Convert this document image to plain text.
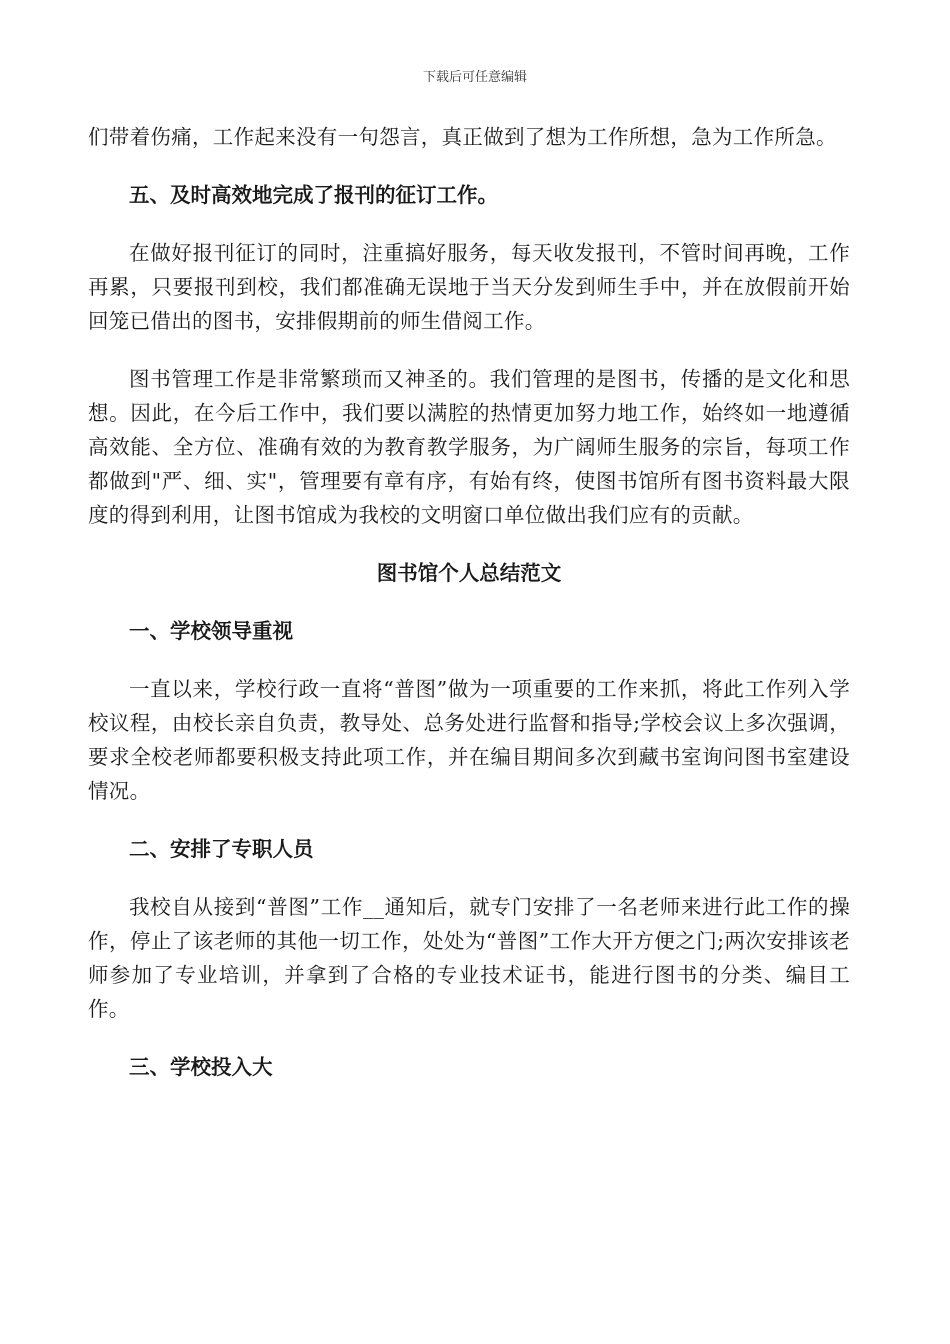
下载后可任意编辑

们带着伤痛，工作起来没有一句怨言，真正做到了想为工作所想，急为工作所急。

五、及时高效地完成了报刊的征订工作。

在做好报刊征订的同时，注重搞好服务，每天收发报刊，不管时间再晚，工作再累，只要报刊到校，我们都准确无误地于当天分发到师生手中，并在放假前开始回笼已借出的图书，安排假期前的师生借阅工作。

图书管理工作是非常繁琐而又神圣的。我们管理的是图书，传播的是文化和思想。因此，在今后工作中，我们要以满腔的热情更加努力地工作，始终如一地遵循高效能、全方位、准确有效的为教育教学服务，为广阔师生服务的宗旨，每项工作都做到"严、细、实"，管理要有章有序，有始有终，使图书馆所有图书资料最大限度的得到利用，让图书馆成为我校的文明窗口单位做出我们应有的贡献。

图书馆个人总结范文
一、学校领导重视

一直以来，学校行政一直将“普图”做为一项重要的工作来抓，将此工作列入学校议程，由校长亲自负责，教导处、总务处进行监督和指导;学校会议上多次强调，要求全校老师都要积极支持此项工作，并在编目期间多次到藏书室询问图书室建设情况。

二、安排了专职人员

我校自从接到“普图”工作__通知后，就专门安排了一名老师来进行此工作的操作，停止了该老师的其他一切工作，处处为“普图”工作大开方便之门;两次安排该老师参加了专业培训，并拿到了合格的专业技术证书，能进行图书的分类、编目工作。

三、学校投入大
